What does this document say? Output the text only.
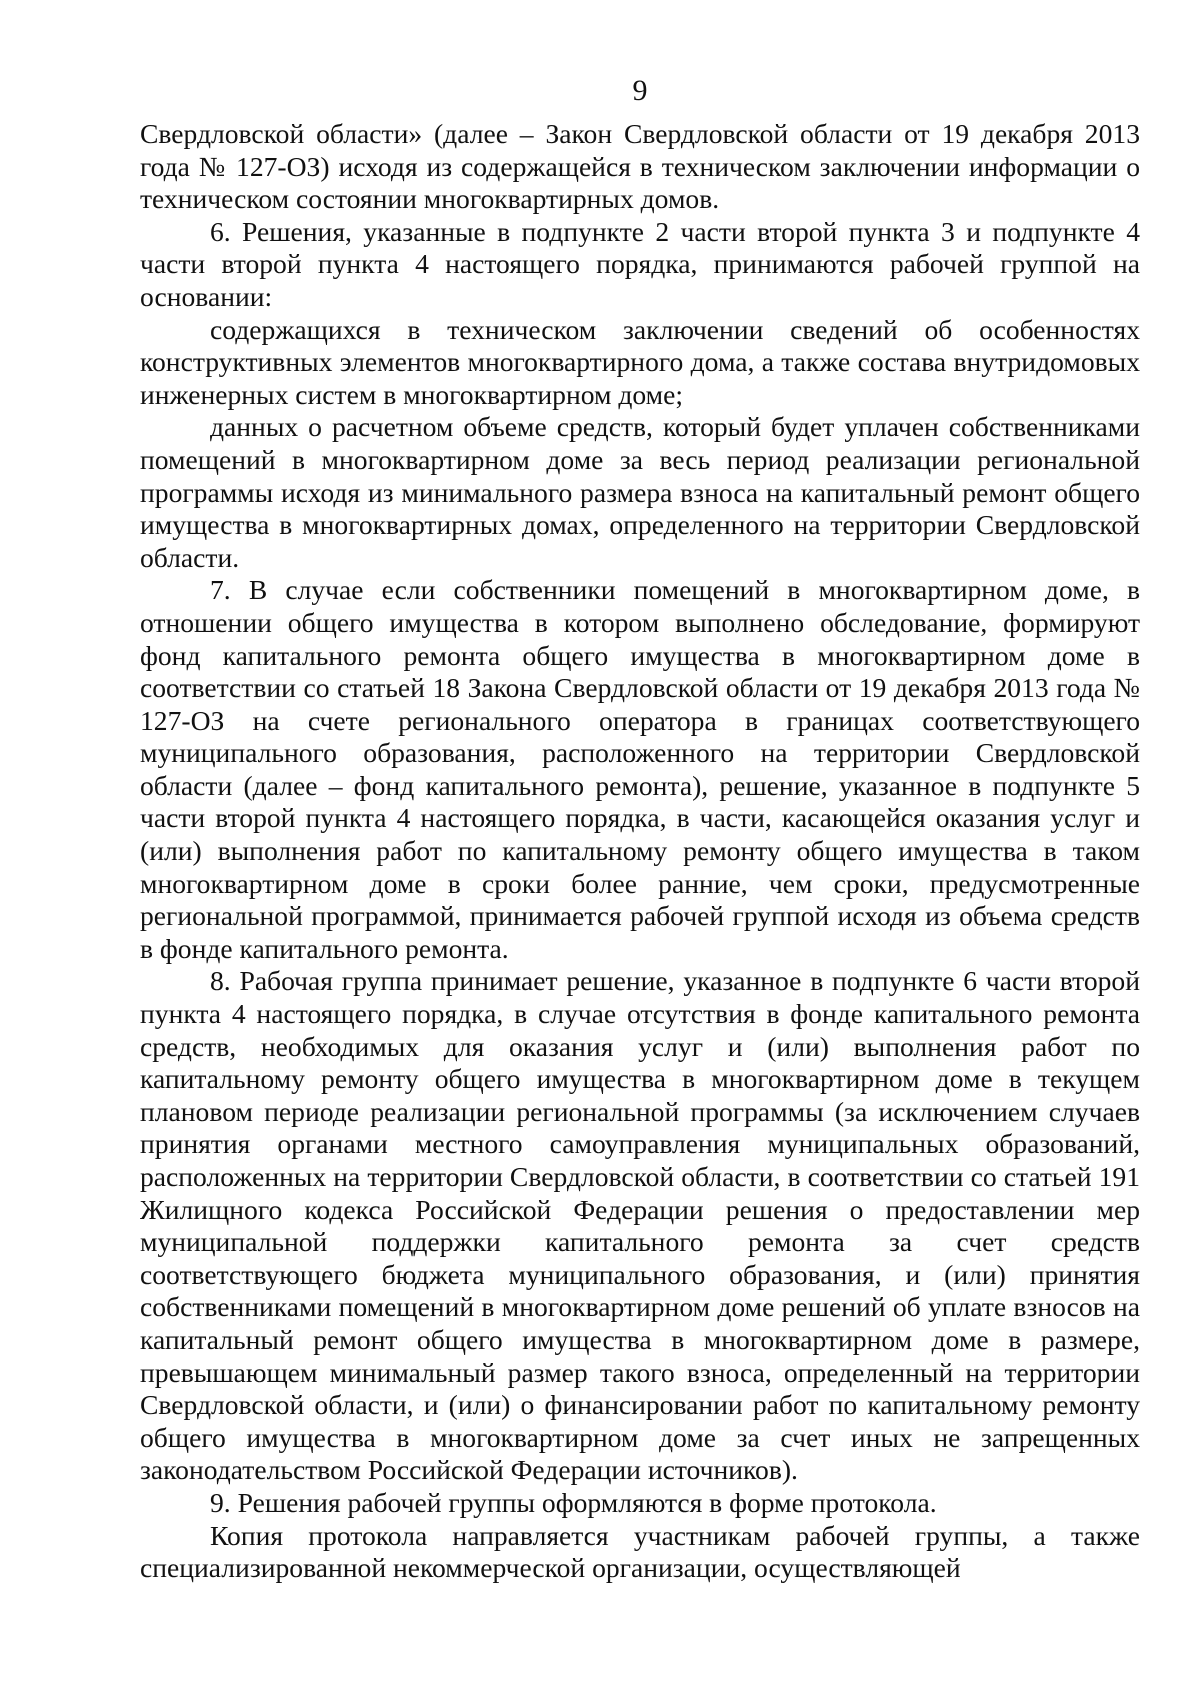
9

Свердловской области» (далее – Закон Свердловской области от 19 декабря 2013 года № 127-ОЗ) исходя из содержащейся в техническом заключении информации о техническом состоянии многоквартирных домов.

6. Решения, указанные в подпункте 2 части второй пункта 3 и подпункте 4 части второй пункта 4 настоящего порядка, принимаются рабочей группой на основании:

содержащихся в техническом заключении сведений об особенностях конструктивных элементов многоквартирного дома, а также состава внутридомовых инженерных систем в многоквартирном доме;

данных о расчетном объеме средств, который будет уплачен собственниками помещений в многоквартирном доме за весь период реализации региональной программы исходя из минимального размера взноса на капитальный ремонт общего имущества в многоквартирных домах, определенного на территории Свердловской области.

7. В случае если собственники помещений в многоквартирном доме, в отношении общего имущества в котором выполнено обследование, формируют фонд капитального ремонта общего имущества в многоквартирном доме в соответствии со статьей 18 Закона Свердловской области от 19 декабря 2013 года № 127-ОЗ на счете регионального оператора в границах соответствующего муниципального образования, расположенного на территории Свердловской области (далее – фонд капитального ремонта), решение, указанное в подпункте 5 части второй пункта 4 настоящего порядка, в части, касающейся оказания услуг и (или) выполнения работ по капитальному ремонту общего имущества в таком многоквартирном доме в сроки более ранние, чем сроки, предусмотренные региональной программой, принимается рабочей группой исходя из объема средств в фонде капитального ремонта.

8. Рабочая группа принимает решение, указанное в подпункте 6 части второй пункта 4 настоящего порядка, в случае отсутствия в фонде капитального ремонта средств, необходимых для оказания услуг и (или) выполнения работ по капитальному ремонту общего имущества в многоквартирном доме в текущем плановом периоде реализации региональной программы (за исключением случаев принятия органами местного самоуправления муниципальных образований, расположенных на территории Свердловской области, в соответствии со статьей 191 Жилищного кодекса Российской Федерации решения о предоставлении мер муниципальной поддержки капитального ремонта за счет средств соответствующего бюджета муниципального образования, и (или) принятия собственниками помещений в многоквартирном доме решений об уплате взносов на капитальный ремонт общего имущества в многоквартирном доме в размере, превышающем минимальный размер такого взноса, определенный на территории Свердловской области, и (или) о финансировании работ по капитальному ремонту общего имущества в многоквартирном доме за счет иных не запрещенных законодательством Российской Федерации источников).

9. Решения рабочей группы оформляются в форме протокола.

Копия протокола направляется участникам рабочей группы, а также специализированной некоммерческой организации, осуществляющей
